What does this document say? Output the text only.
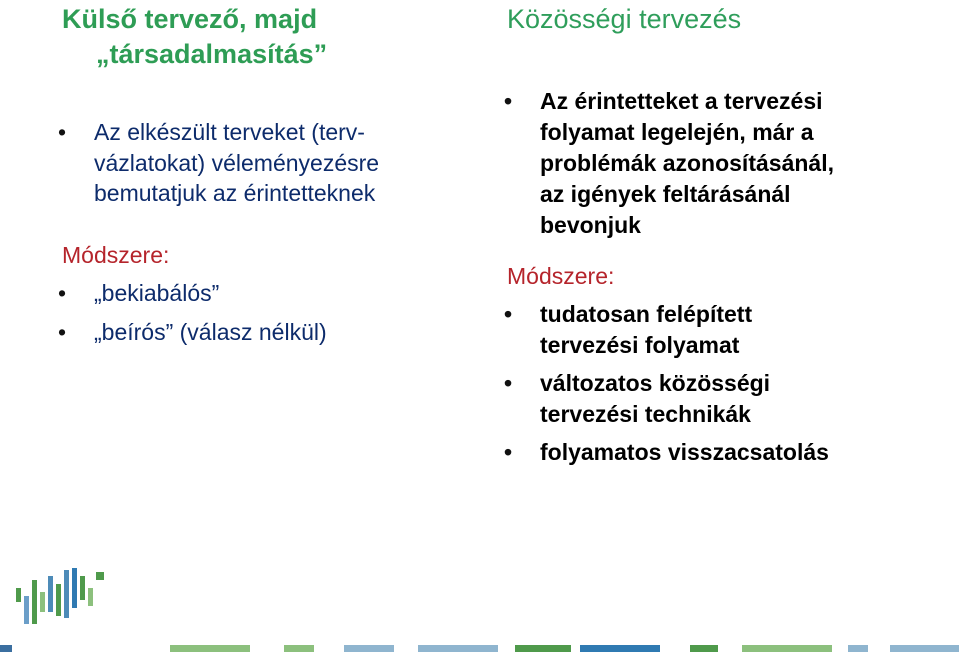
Külső tervező, majd
„társadalmasítás”
• Az elkészült terveket (terv-
vázlatokat) véleményezésre
bemutatjuk az érintetteknek

Módszere:

• „bekiabálós”
• „beírós” (válasz nélkül)
Közösségi tervezés
• Az érintetteket a tervezési
folyamat legelején, már a
problémák azonosításánál,
az igények feltárásánál
bevonjuk

Módszere:

• tudatosan felépített
tervezési folyamat
• változatos közösségi
tervezési technikák
• folyamatos visszacsatolás
